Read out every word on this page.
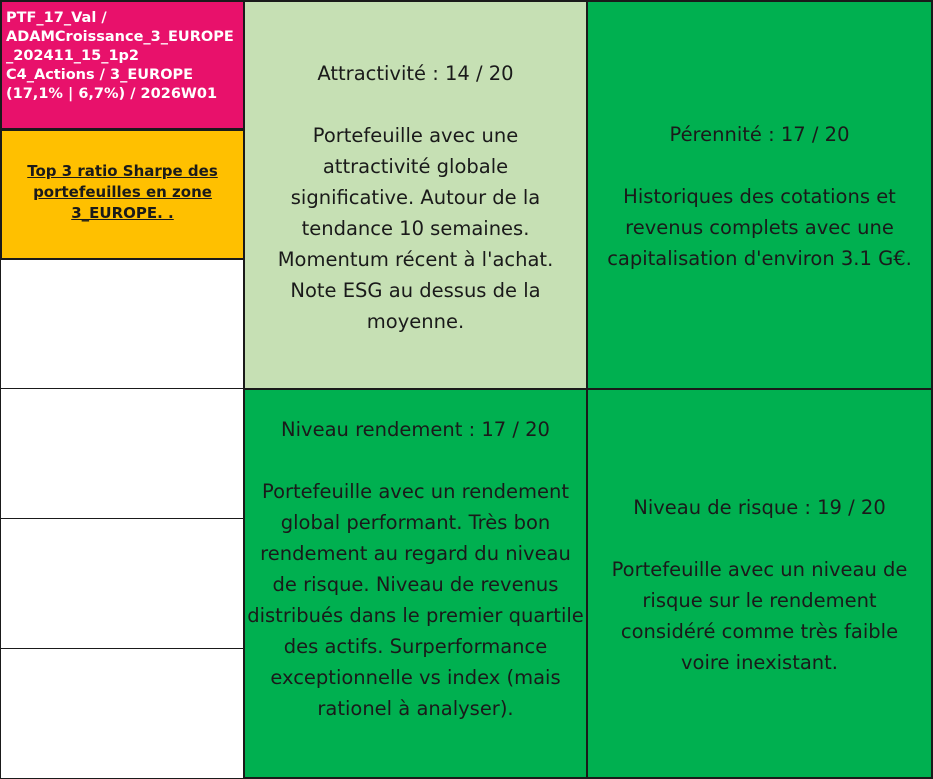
PTF_17_Val /
ADAMCroissance_3_EUROPE
_202411_15_1p2
C4_Actions / 3_EUROPE
(17,1% | 6,7%) / 2026W01
Top 3 ratio Sharpe des portefeuilles en zone 3_EUROPE. .
Attractivité : 14 / 20
Portefeuille avec une attractivité globale significative. Autour de la tendance 10 semaines. Momentum récent à l'achat. Note ESG au dessus de la moyenne.
Pérennité : 17 / 20
Historiques des cotations et revenus complets avec une capitalisation d'environ 3.1 G€.
Niveau rendement : 17 / 20
Portefeuille avec un rendement global performant. Très bon rendement au regard du niveau de risque. Niveau de revenus distribués dans le premier quartile des actifs. Surperformance exceptionnelle vs index (mais rationel à analyser).
Niveau de risque : 19 / 20
Portefeuille avec un niveau de risque sur le rendement considéré comme très faible voire inexistant.
